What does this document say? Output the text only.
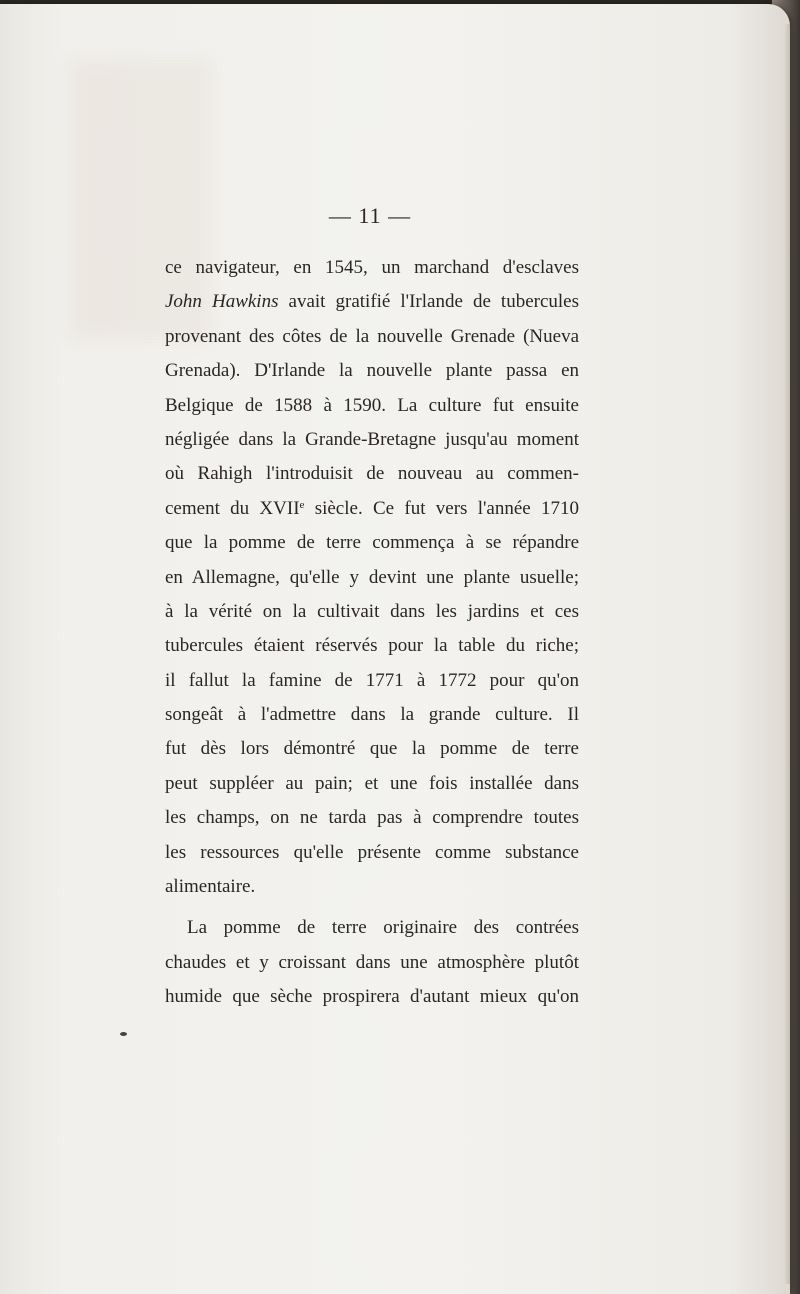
— 11 —
ce navigateur, en 1545, un marchand d'esclaves
John Hawkins avait gratifié l'Irlande de tubercules
provenant des côtes de la nouvelle Grenade (Nueva
Grenada). D'Irlande la nouvelle plante passa en
Belgique de 1588 à 1590. La culture fut ensuite
négligée dans la Grande-Bretagne jusqu'au moment
où Rahigh l'introduisit de nouveau au commen-
cement du XVIIe siècle. Ce fut vers l'année 1710
que la pomme de terre commença à se répandre
en Allemagne, qu'elle y devint une plante usuelle;
à la vérité on la cultivait dans les jardins et ces
tubercules étaient réservés pour la table du riche;
il fallut la famine de 1771 à 1772 pour qu'on
songeât à l'admettre dans la grande culture. Il
fut dès lors démontré que la pomme de terre
peut suppléer au pain; et une fois installée dans
les champs, on ne tarda pas à comprendre toutes
les ressources qu'elle présente comme substance
alimentaire.
La pomme de terre originaire des contrées
chaudes et y croissant dans une atmosphère plutôt
humide que sèche prospirera d'autant mieux qu'on
